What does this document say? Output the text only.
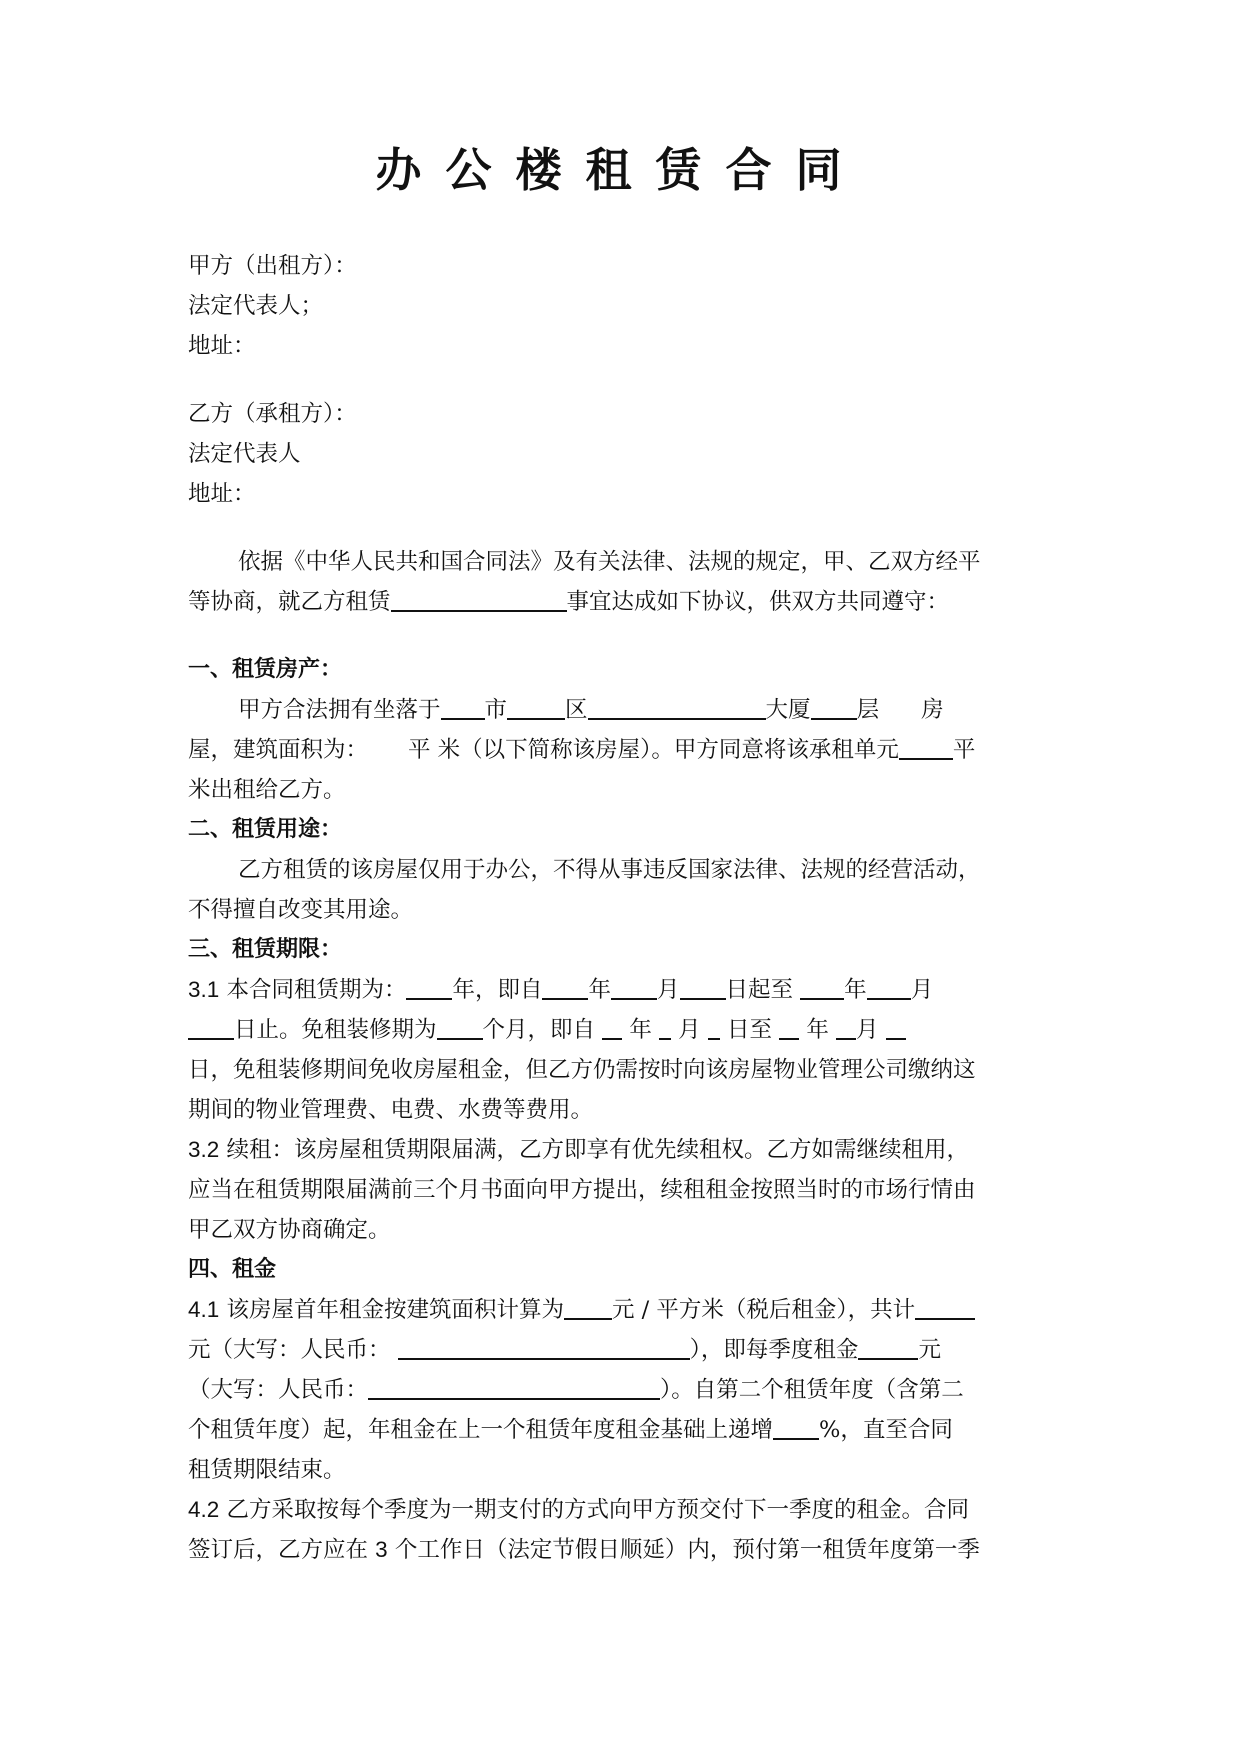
办公楼租赁合同
甲方（出租方）：
法定代表人；
地址：
乙方（承租方）：
法定代表人
地址：
依据《中华人民共和国合同法》及有关法律、法规的规定，甲、乙双方经平
等协商，就乙方租赁	事宜达成如下协议，供双方共同遵守：
一、租赁房产：
甲方合法拥有坐落于 市	区	大厦 层 房
屋，建筑面积为： 平 米（以下简称该房屋）。甲方同意将该承租单元 平
米出租给乙方。
二、租赁用途：
乙方租赁的该房屋仅用于办公，不得从事违反国家法律、法规的经营活动，
不得擅自改变其用途。
三、租赁期限：
3.1 本合同租赁期为： 年，即自 年 月 日起至 年 月
日止。免租装修期为 个月，即自 年 月 日至 年 月
日，免租装修期间免收房屋租金，但乙方仍需按时向该房屋物业管理公司缴纳这
期间的物业管理费、电费、水费等费用。
3.2 续租：该房屋租赁期限届满，乙方即享有优先续租权。乙方如需继续租用，
应当在租赁期限届满前三个月书面向甲方提出，续租租金按照当时的市场行情由
甲乙双方协商确定。
四、租金
4.1 该房屋首年租金按建筑面积计算为 元 / 平方米（税后租金），共计
元（大写：人民币：	），即每季度租金	元
（大写：人民币：	）。自第二个租赁年度（含第二
个租赁年度）起，年租金在上一个租赁年度租金基础上递增 %，直至合同
租赁期限结束。
4.2 乙方采取按每个季度为一期支付的方式向甲方预交付下一季度的租金。合同
签订后，乙方应在 3 个工作日（法定节假日顺延）内，预付第一租赁年度第一季
